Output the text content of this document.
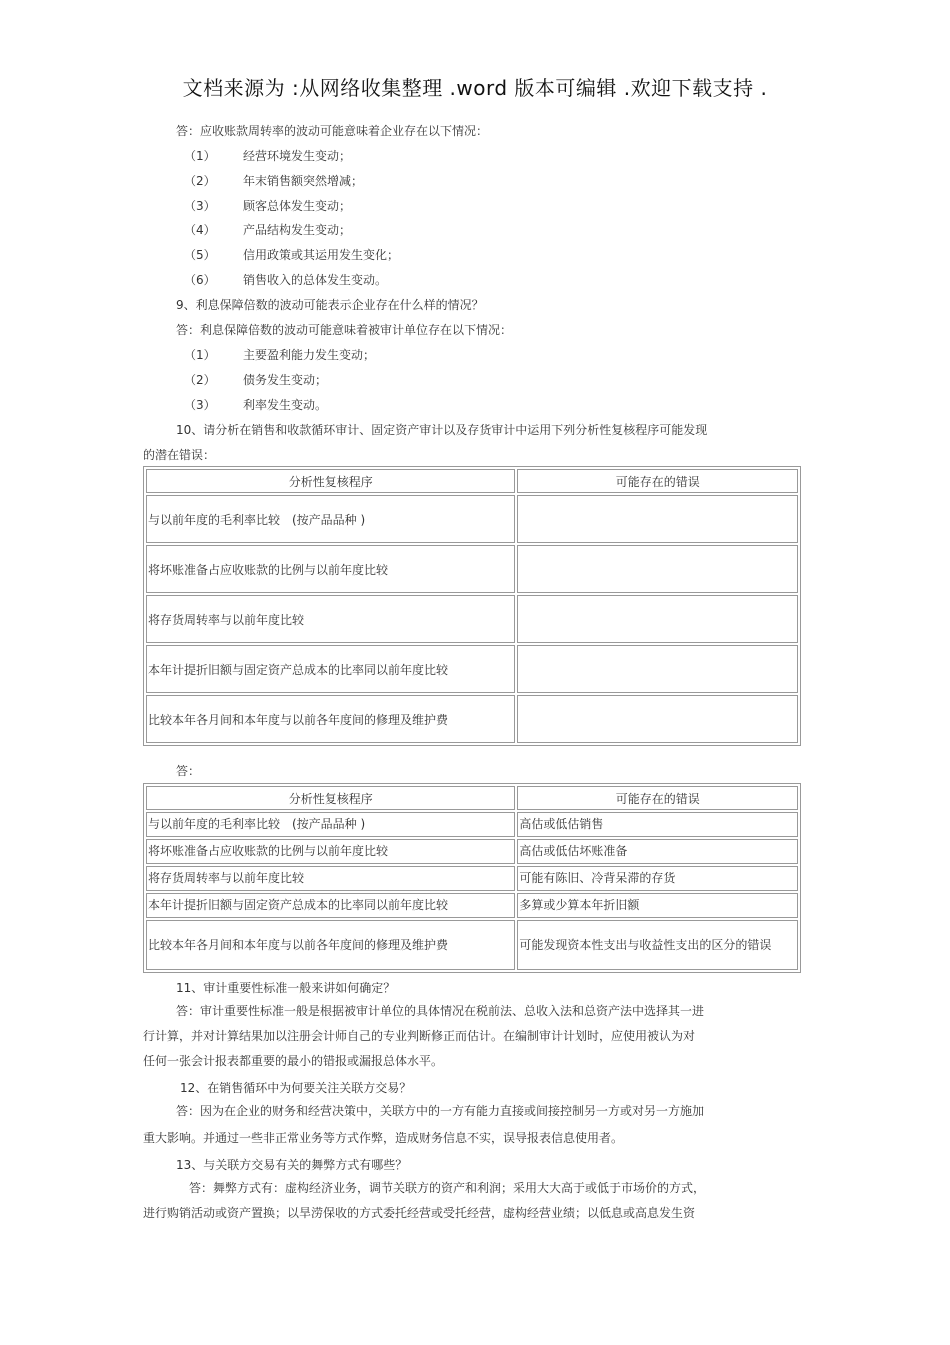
文档来源为 :从网络收集整理 .word 版本可编辑 .欢迎下载支持 .
答：应收账款周转率的波动可能意味着企业存在以下情况：
（1） 经营环境发生变动；
（2） 年末销售额突然增减；
（3） 顾客总体发生变动；
（4） 产品结构发生变动；
（5） 信用政策或其运用发生变化；
（6） 销售收入的总体发生变动。
9、利息保障倍数的波动可能表示企业存在什么样的情况？
答：利息保障倍数的波动可能意味着被审计单位存在以下情况：
（1） 主要盈利能力发生变动；
（2） 债务发生变动；
（3） 利率发生变动。
10、请分析在销售和收款循环审计、固定资产审计以及存货审计中运用下列分析性复核程序可能发现
的潜在错误：
分析性复核程序	可能存在的错误
与以前年度的毛利率比较　(按产品品种 )	
将坏账准备占应收账款的比例与以前年度比较	
将存货周转率与以前年度比较	
本年计提折旧额与固定资产总成本的比率同以前年度比较	
比较本年各月间和本年度与以前各年度间的修理及维护费	
答：
分析性复核程序	可能存在的错误
与以前年度的毛利率比较　(按产品品种 )	高估或低估销售
将坏账准备占应收账款的比例与以前年度比较	高估或低估坏账准备
将存货周转率与以前年度比较	可能有陈旧、冷背呆滞的存货
本年计提折旧额与固定资产总成本的比率同以前年度比较	多算或少算本年折旧额
比较本年各月间和本年度与以前各年度间的修理及维护费	可能发现资本性支出与收益性支出的区分的错误
11、审计重要性标准一般来讲如何确定？
答：审计重要性标准一般是根据被审计单位的具体情况在税前法、总收入法和总资产法中选择其一进
行计算，并对计算结果加以注册会计师自己的专业判断修正而估计。在编制审计计划时，应使用被认为对
任何一张会计报表都重要的最小的错报或漏报总体水平。
12、在销售循环中为何要关注关联方交易？
答：因为在企业的财务和经营决策中，关联方中的一方有能力直接或间接控制另一方或对另一方施加
重大影响。并通过一些非正常业务等方式作弊，造成财务信息不实，误导报表信息使用者。
13、与关联方交易有关的舞弊方式有哪些？
答：舞弊方式有：虚构经济业务，调节关联方的资产和利润；采用大大高于或低于市场价的方式，
进行购销活动或资产置换；以旱涝保收的方式委托经营或受托经营，虚构经营业绩；以低息或高息发生资
